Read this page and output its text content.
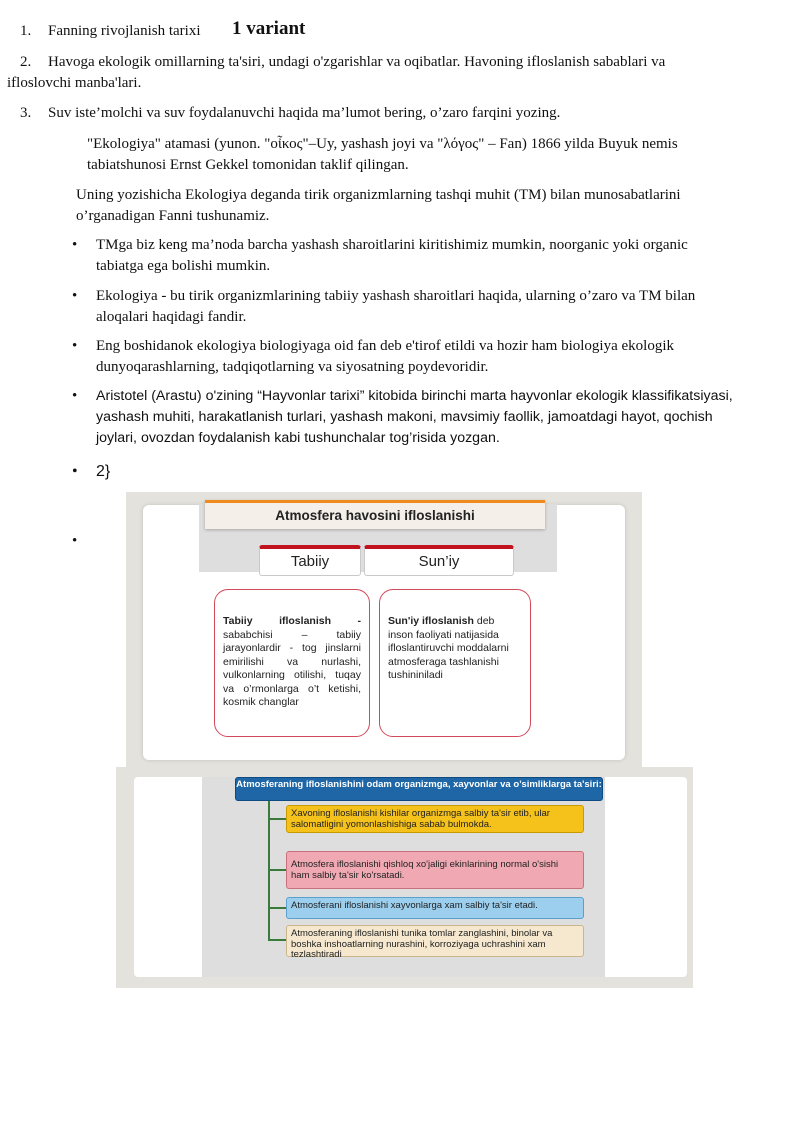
1. Fanning rivojlanish tarixi	1 variant
2. Havoga ekologik omillarning ta'siri, undagi o'zgarishlar va oqibatlar. Havoning ifloslanish sabablari va
ifloslovchi manba'lari.
3. Suv iste’molchi va suv foydalanuvchi haqida ma’lumot bering, o’zaro farqini yozing.
"Ekologiya" atamasi (yunon. "οἶκος"–Uy, yashash joyi va "λόγος" – Fan) 1866 yilda Buyuk nemis
tabiatshunosi Ernst Gekkel tomonidan taklif qilingan.
Uning yozishicha Ekologiya deganda tirik organizmlarning tashqi muhit (TM) bilan munosabatlarini
o’rganadigan Fanni tushunamiz.
• TMga biz keng ma’noda barcha yashash sharoitlarini kiritishimiz mumkin, noorganic yoki organic
tabiatga ega bolishi mumkin.
• Ekologiya - bu tirik organizmlarining tabiiy yashash sharoitlari haqida, ularning o’zaro va TM bilan
aloqalari haqidagi fandir.
• Eng boshidanok ekologiya biologiyaga oid fan deb e'tirof etildi va hozir ham biologiya ekologik
dunyoqarashlarning, tadqiqotlarning va siyosatning poydevoridir.
• Aristotel (Arastu) o'zining “Hayvonlar tarixi” kitobida birinchi marta hayvonlar ekologik klassifikatsiyasi,
yashash muhiti, harakatlanish turlari, yashash makoni, mavsimiy faollik, jamoatdagi hayot, qochish
joylari, ovozdan foydalanish kabi tushunchalar tog’risida yozgan.
• 2}
•
Atmosfera havosini ifloslanishi
Tabiiy	Sun’iy
Tabiiy ifloslanish - sababchisi – tabiiy jarayonlardir - tog jinslarni emirilishi va nurlashi, vulkonlarning otilishi, tuqay va o’rmonlarga o’t ketishi, kosmik changlar
Sun'iy ifloslanish deb inson faoliyati natijasida ifloslantiruvchi moddalarni atmosferaga tashlanishi tushininiladi
Atmosferaning ifloslanishini odam organizmga, xayvonlar va o’simliklarga ta'siri:
Xavoning ifloslanishi kishilar organizmga salbiy ta'sir etib, ular salomatligini yomonlashishiga sabab bulmokda.
Atmosfera ifloslanishi qishloq xo'jaligi ekinlarining normal o'sishi ham salbiy ta'sir ko'rsatadi.
Atmosferani ifloslanishi xayvonlarga xam salbiy ta'sir etadi.
Atmosferaning ifloslanishi tunika tomlar zanglashini, binolar va boshka inshoatlarning nurashini, korroziyaga uchrashini xam tezlashtiradi
